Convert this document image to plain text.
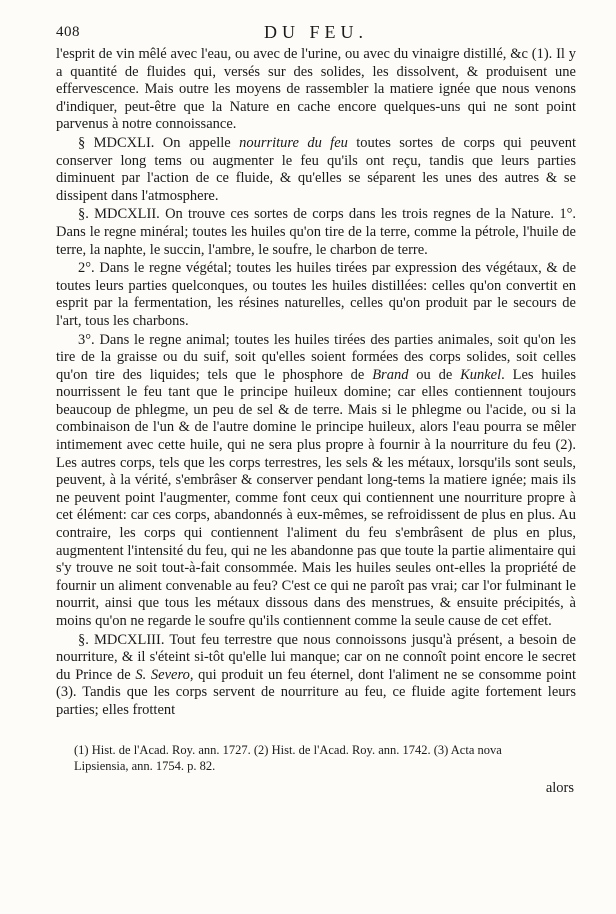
408	DU FEU.

l'esprit de vin mêlé avec l'eau, ou avec de l'urine, ou avec du vinaigre distillé, &c (1). Il y a quantité de fluides qui, versés sur des solides, les dissolvent, & produisent une effervescence. Mais outre les moyens de rassembler la matiere ignée que nous venons d'indiquer, peut-être que la Nature en cache encore quelques-uns qui ne sont point parvenus à notre connoissance.

§ MDCXLI. On appelle nourriture du feu toutes sortes de corps qui peuvent conserver long tems ou augmenter le feu qu'ils ont reçu, tandis que leurs parties diminuent par l'action de ce fluide, & qu'elles se séparent les unes des autres & se dissipent dans l'atmosphere.

§. MDCXLII. On trouve ces sortes de corps dans les trois regnes de la Nature. 1°. Dans le regne minéral; toutes les huiles qu'on tire de la terre, comme la pétrole, l'huile de terre, la naphte, le succin, l'ambre, le soufre, le charbon de terre.

2°. Dans le regne végétal; toutes les huiles tirées par expression des végétaux, & de toutes leurs parties quelconques, ou toutes les huiles distillées: celles qu'on convertit en esprit par la fermentation, les résines naturelles, celles qu'on produit par le secours de l'art, tous les charbons.

3°. Dans le regne animal; toutes les huiles tirées des parties animales, soit qu'on les tire de la graisse ou du suif, soit qu'elles soient formées des corps solides, soit celles qu'on tire des liquides; tels que le phosphore de Brand ou de Kunkel. Les huiles nourrissent le feu tant que le principe huileux domine; car elles contiennent toujours beaucoup de phlegme, un peu de sel & de terre. Mais si le phlegme ou l'acide, ou si la combinaison de l'un & de l'autre domine le principe huileux, alors l'eau pourra se mêler intimement avec cette huile, qui ne sera plus propre à fournir à la nourriture du feu (2). Les autres corps, tels que les corps terrestres, les sels & les métaux, lorsqu'ils sont seuls, peuvent, à la vérité, s'embrâser & conserver pendant long-tems la matiere ignée; mais ils ne peuvent point l'augmenter, comme font ceux qui contiennent une nourriture propre à cet élément: car ces corps, abandonnés à eux-mêmes, se refroidissent de plus en plus. Au contraire, les corps qui contiennent l'aliment du feu s'embrâsent de plus en plus, augmentent l'intensité du feu, qui ne les abandonne pas que toute la partie alimentaire qui s'y trouve ne soit tout-à-fait consommée. Mais les huiles seules ont-elles la propriété de fournir un aliment convenable au feu? C'est ce qui ne paroît pas vrai; car l'or fulminant le nourrit, ainsi que tous les métaux dissous dans des menstrues, & ensuite précipités, à moins qu'on ne regarde le soufre qu'ils contiennent comme la seule cause de cet effet.

§. MDCXLIII. Tout feu terrestre que nous connoissons jusqu'à présent, a besoin de nourriture, & il s'éteint si-tôt qu'elle lui manque; car on ne connoît point encore le secret du Prince de S. Severo, qui produit un feu éternel, dont l'aliment ne se consomme point (3). Tandis que les corps servent de nourriture au feu, ce fluide agite fortement leurs parties; elles frottent

(1) Hist. de l'Acad. Roy. ann. 1727. (2) Hist. de l'Acad. Roy. ann. 1742. (3) Acta nova
Lipsiensia, ann. 1754. p. 82.
alors
